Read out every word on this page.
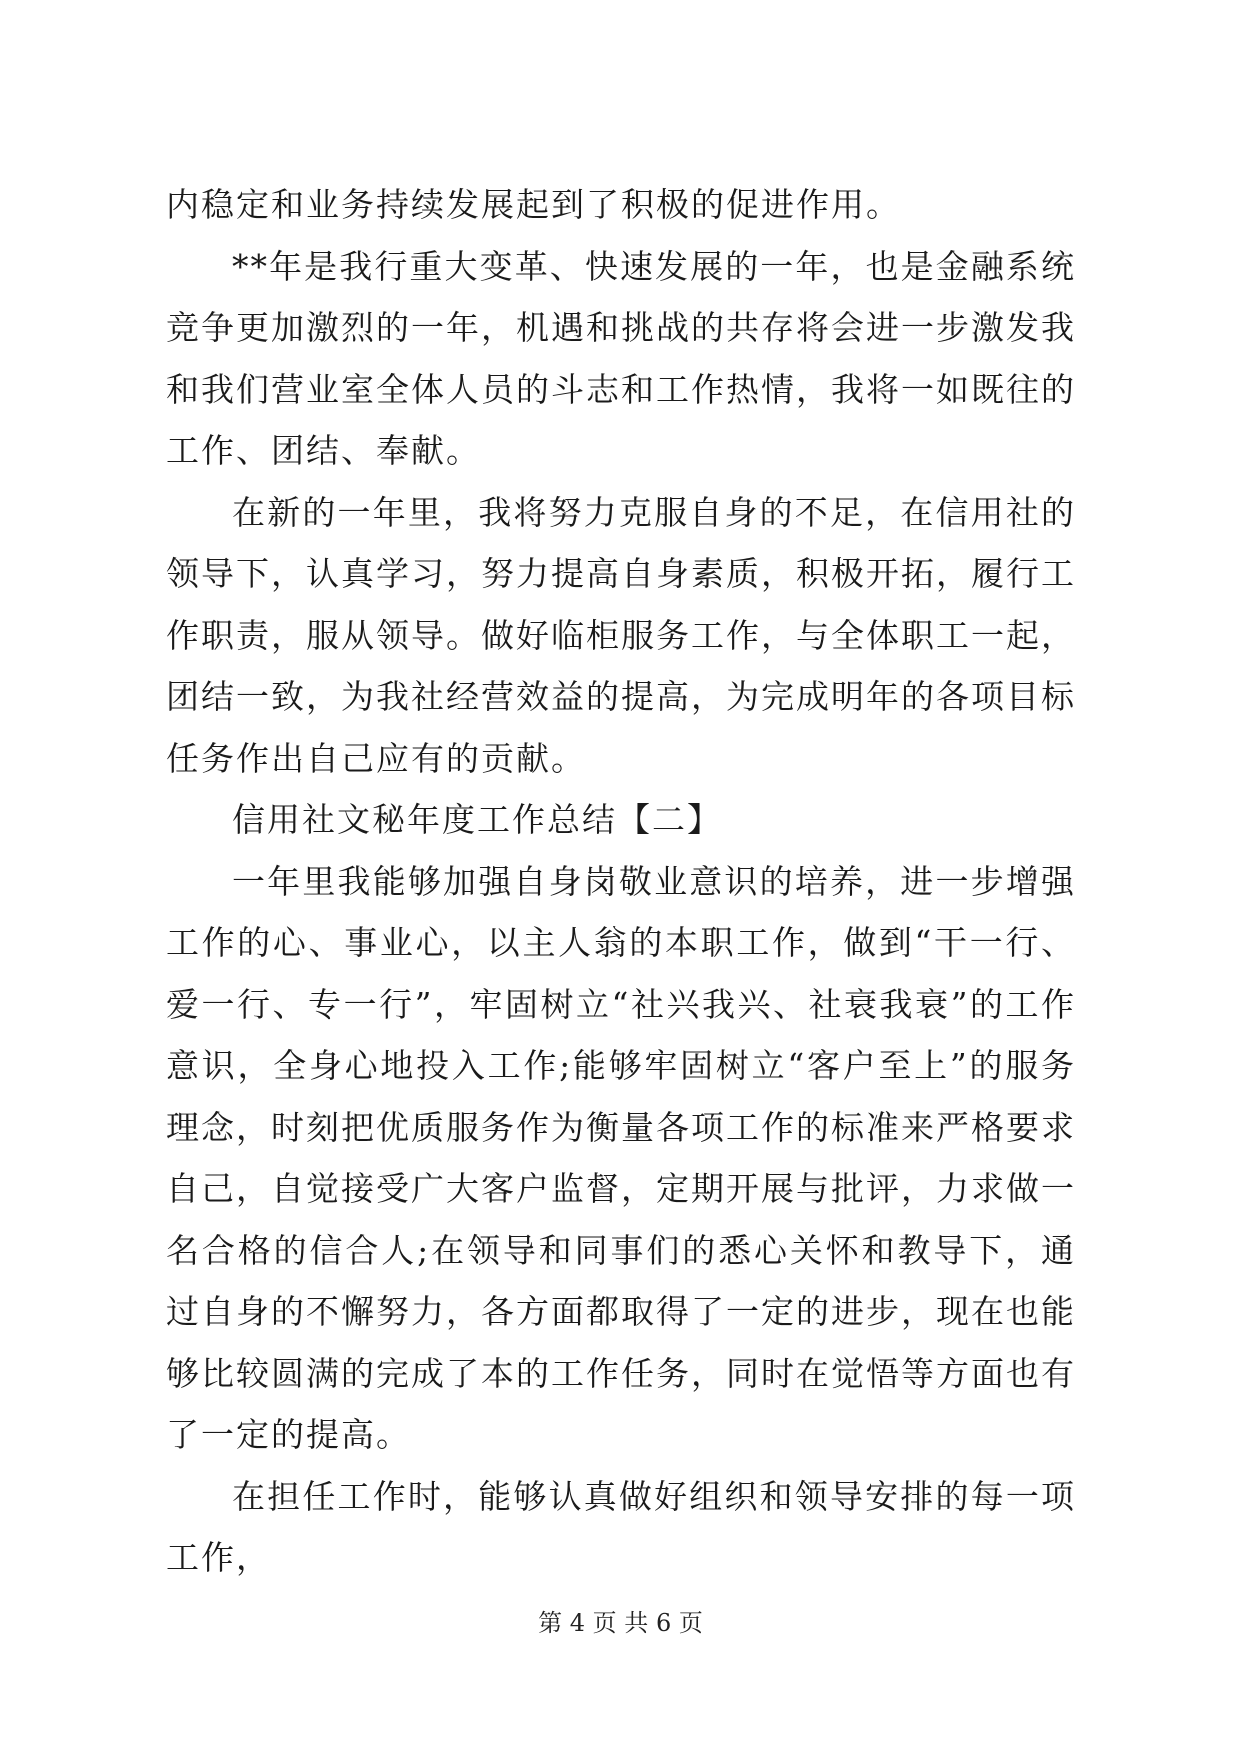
内稳定和业务持续发展起到了积极的促进作用。

**年是我行重大变革、快速发展的一年，也是金融系统竞争更加激烈的一年，机遇和挑战的共存将会进一步激发我和我们营业室全体人员的斗志和工作热情，我将一如既往的工作、团结、奉献。

在新的一年里，我将努力克服自身的不足，在信用社的领导下，认真学习，努力提高自身素质，积极开拓，履行工作职责，服从领导。做好临柜服务工作，与全体职工一起，团结一致，为我社经营效益的提高，为完成明年的各项目标任务作出自己应有的贡献。

信用社文秘年度工作总结【二】

一年里我能够加强自身岗敬业意识的培养，进一步增强工作的心、事业心，以主人翁的本职工作，做到“干一行、爱一行、专一行”，牢固树立“社兴我兴、社衰我衰”的工作意识，全身心地投入工作;能够牢固树立“客户至上”的服务理念，时刻把优质服务作为衡量各项工作的标准来严格要求自己，自觉接受广大客户监督，定期开展与批评，力求做一名合格的信合人;在领导和同事们的悉心关怀和教导下，通过自身的不懈努力，各方面都取得了一定的进步，现在也能够比较圆满的完成了本的工作任务，同时在觉悟等方面也有了一定的提高。

在担任工作时，能够认真做好组织和领导安排的每一项工作，

第 4 页 共 6 页
